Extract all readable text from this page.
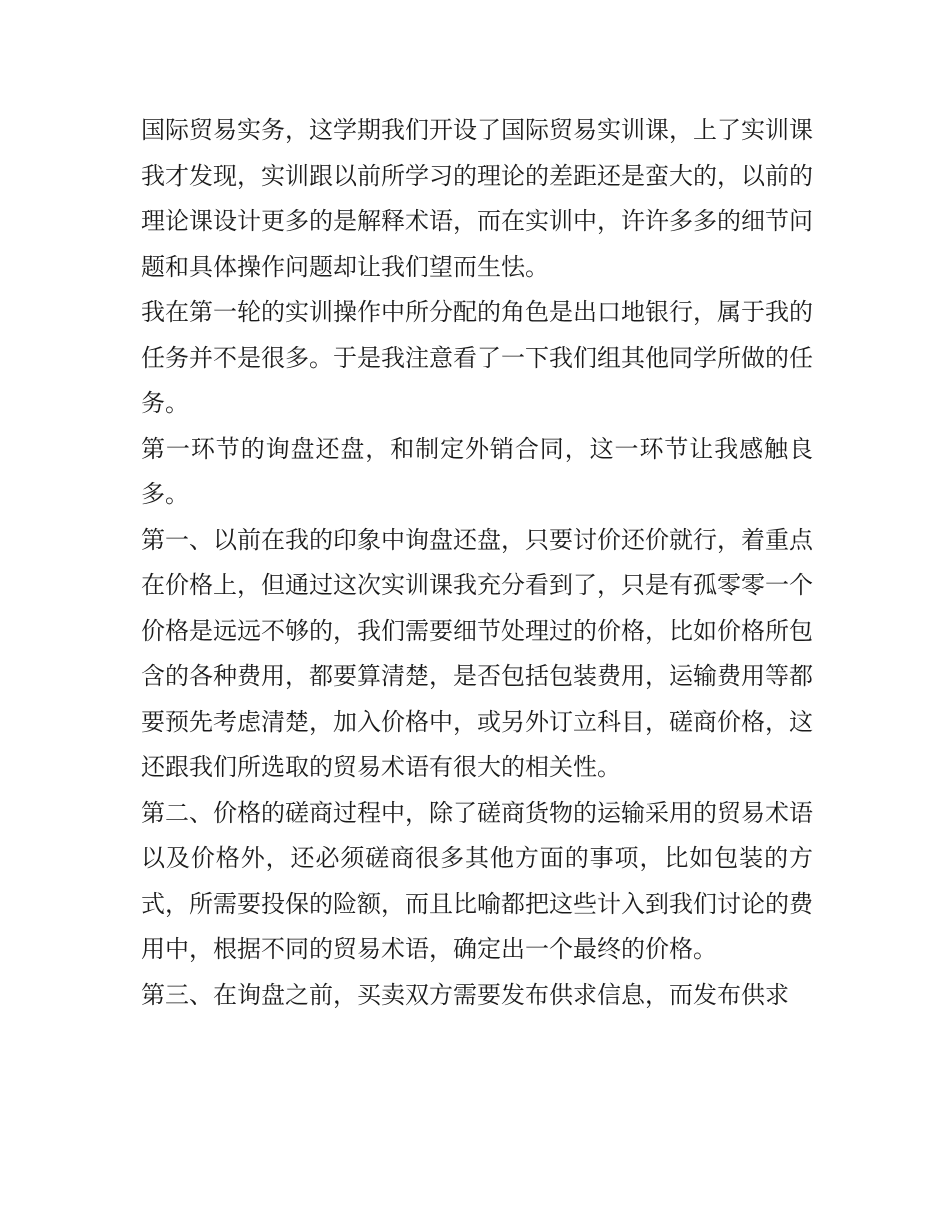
国际贸易实务，这学期我们开设了国际贸易实训课，上了实训课我才发现，实训跟以前所学习的理论的差距还是蛮大的，以前的理论课设计更多的是解释术语，而在实训中，许许多多的细节问题和具体操作问题却让我们望而生怯。

我在第一轮的实训操作中所分配的角色是出口地银行，属于我的任务并不是很多。于是我注意看了一下我们组其他同学所做的任务。

第一环节的询盘还盘，和制定外销合同，这一环节让我感触良多。

第一、以前在我的印象中询盘还盘，只要讨价还价就行，着重点在价格上，但通过这次实训课我充分看到了，只是有孤零零一个价格是远远不够的，我们需要细节处理过的价格，比如价格所包含的各种费用，都要算清楚，是否包括包装费用，运输费用等都要预先考虑清楚，加入价格中，或另外订立科目，磋商价格，这还跟我们所选取的贸易术语有很大的相关性。

第二、价格的磋商过程中，除了磋商货物的运输采用的贸易术语以及价格外，还必须磋商很多其他方面的事项，比如包装的方式，所需要投保的险额，而且比喻都把这些计入到我们讨论的费用中，根据不同的贸易术语，确定出一个最终的价格。

第三、在询盘之前，买卖双方需要发布供求信息，而发布供求
